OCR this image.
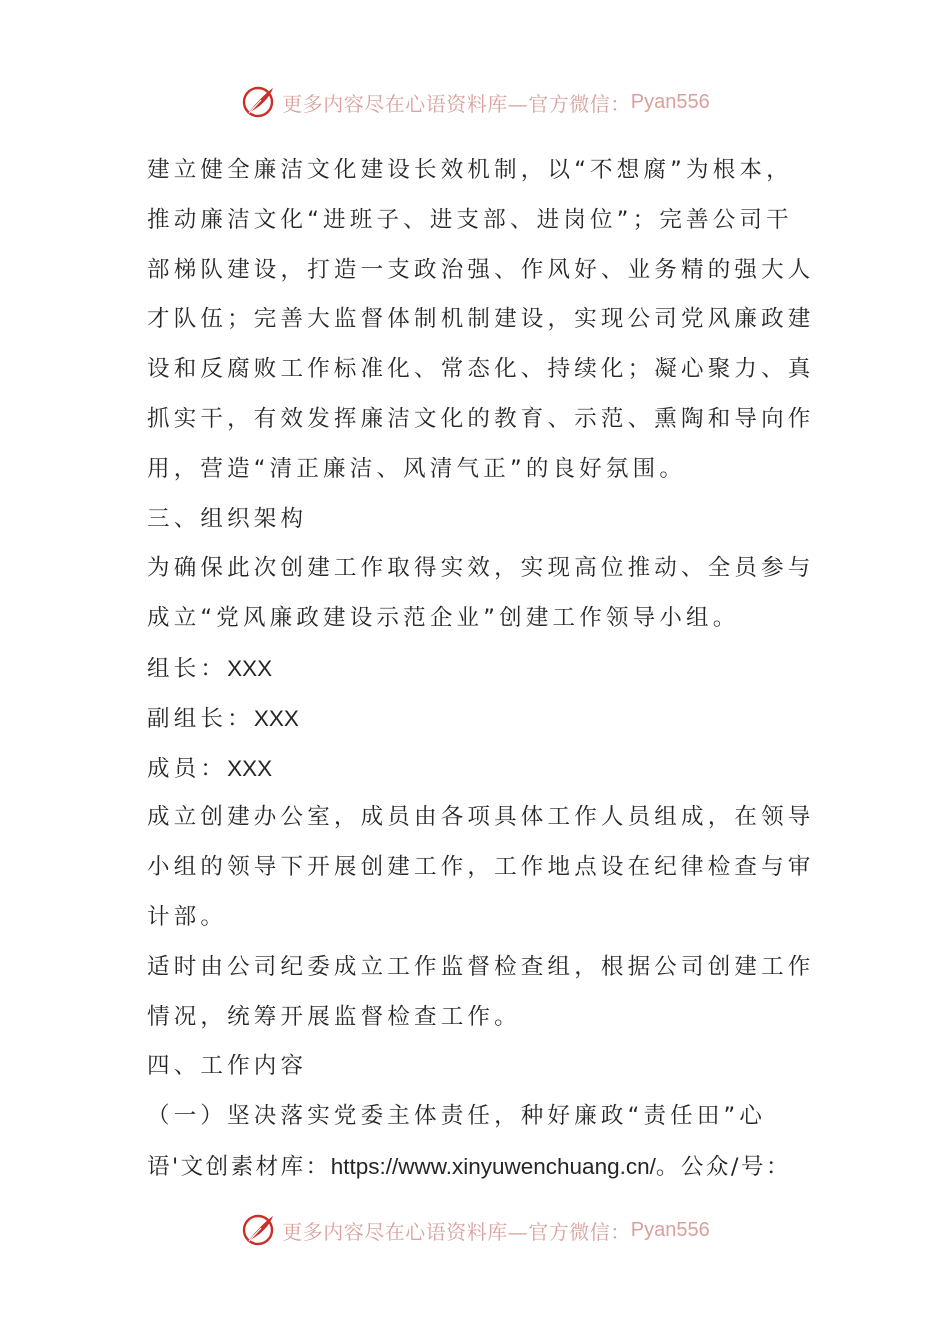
更多内容尽在心语资料库—官方微信： Pyan556
建立健全廉洁文化建设长效机制，以“不想腐”为根本，
推动廉洁文化“进班子、进支部、进岗位”；完善公司干
部梯队建设，打造一支政治强、作风好、业务精的强大人
才队伍；完善大监督体制机制建设，实现公司党风廉政建
设和反腐败工作标准化、常态化、持续化；凝心聚力、真
抓实干，有效发挥廉洁文化的教育、示范、熏陶和导向作
用，营造“清正廉洁、风清气正”的良好氛围。
三、组织架构
为确保此次创建工作取得实效，实现高位推动、全员参与
成立“党风廉政建设示范企业”创建工作领导小组。
组长：XXX
副组长：XXX
成员：XXX
成立创建办公室，成员由各项具体工作人员组成，在领导
小组的领导下开展创建工作，工作地点设在纪律检查与审
计部。
适时由公司纪委成立工作监督检查组，根据公司创建工作
情况，统筹开展监督检查工作。
四、工作内容
（一）坚决落实党委主体责任，种好廉政“责任田”心
语'文创素材库：https://www.xinyuwenchuang.cn/。公众/号：
更多内容尽在心语资料库—官方微信： Pyan556
